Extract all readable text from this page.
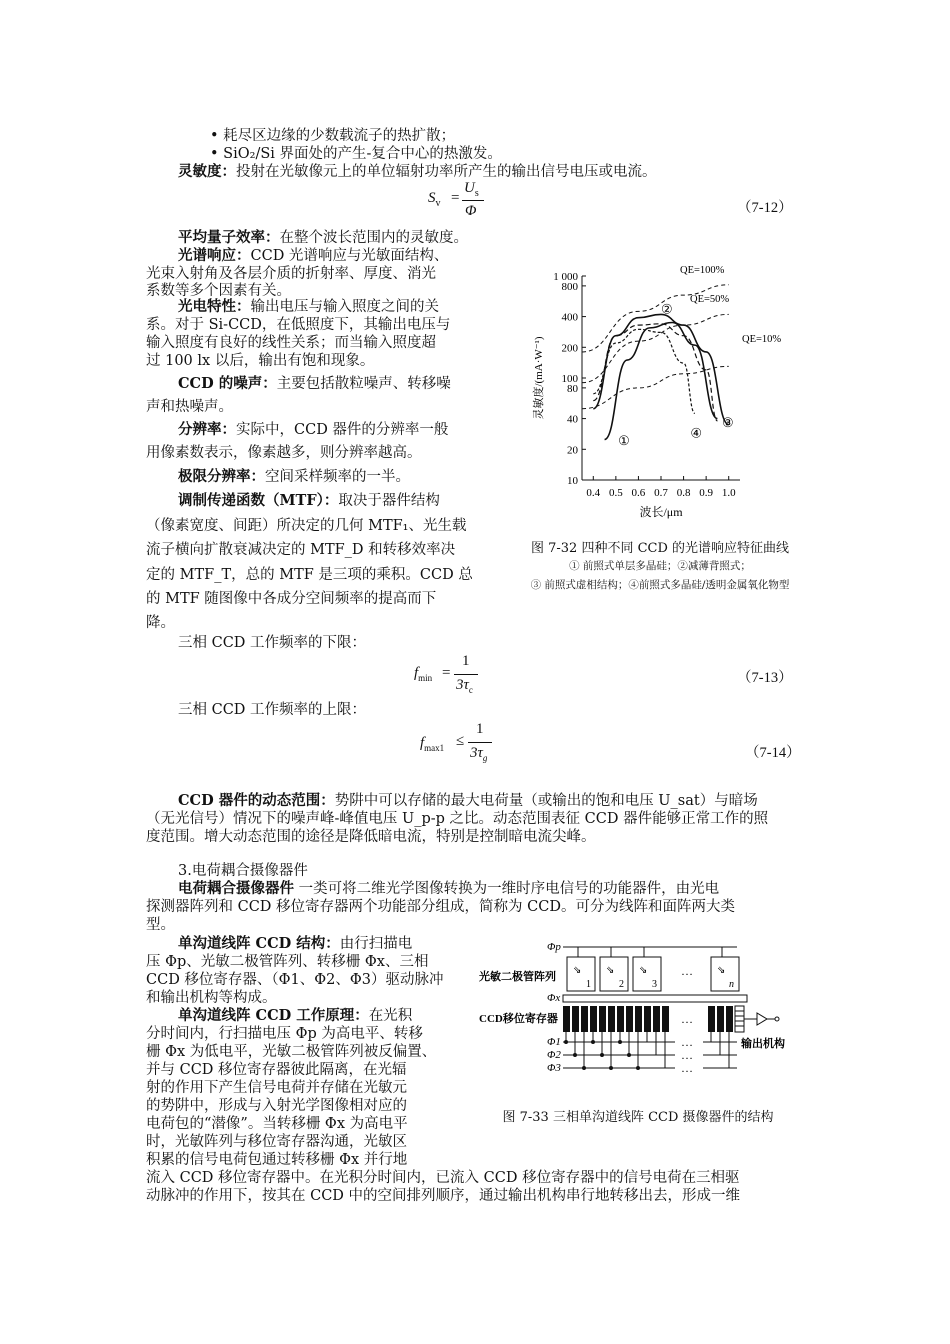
• 耗尽区边缘的少数载流子的热扩散；
• SiO₂/Si 界面处的产生-复合中心的热激发。
灵敏度：投射在光敏像元上的单位辐射功率所产生的输出信号电压或电流。
$S_v$ =
$U_s$
Φ	（7-12）
平均量子效率：在整个波长范围内的灵敏度。
光谱响应：CCD 光谱响应与光敏面结构、
光束入射角及各层介质的折射率、厚度、消光
系数等多个因素有关。
光电特性：输出电压与输入照度之间的关
系。对于 Si-CCD，在低照度下，其输出电压与
输入照度有良好的线性关系；而当输入照度超
过 100 lx 以后，输出有饱和现象。
CCD 的噪声：主要包括散粒噪声、转移噪
声和热噪声。
分辨率：实际中，CCD 器件的分辨率一般
用像素数表示，像素越多，则分辨率越高。
极限分辨率：空间采样频率的一半。
调制传递函数（MTF）：取决于器件结构
（像素宽度、间距）所决定的几何 MTF₁、光生载
流子横向扩散衰减决定的 MTF_D 和转移效率决
定的 MTF_T，总的 MTF 是三项的乘积。CCD 总
的 MTF 随图像中各成分空间频率的提高而下
降。
三相 CCD 工作频率的下限：
$f_{min}$ =
1
$3\tau_c$
（7-13）
三相 CCD 工作频率的上限：
$f_{max1}$ ≤
1
$3\tau_g$	（7-14）
CCD 器件的动态范围：势阱中可以存储的最大电荷量（或输出的饱和电压 U_sat）与暗场
（无光信号）情况下的噪声峰-峰值电压 U_p-p 之比。动态范围表征 CCD 器件能够正常工作的照
度范围。增大动态范围的途径是降低暗电流，特别是控制暗电流尖峰。
3.电荷耦合摄像器件
电荷耦合摄像器件 一类可将二维光学图像转换为一维时序电信号的功能器件，由光电
探测器阵列和 CCD 移位寄存器两个功能部分组成，简称为 CCD。可分为线阵和面阵两大类
型。
单沟道线阵 CCD 结构：由行扫描电
压 Φp、光敏二极管阵列、转移栅 Φx、三相
CCD 移位寄存器、（Φ1、Φ2、Φ3）驱动脉冲
和输出机构等构成。
单沟道线阵 CCD 工作原理：在光积
分时间内，行扫描电压 Φp 为高电平、转移
栅 Φx 为低电平，光敏二极管阵列被反偏置、
并与 CCD 移位寄存器彼此隔离，在光辐
射的作用下产生信号电荷并存储在光敏元
的势阱中，形成与入射光学图像相对应的
电荷包的“潜像”。当转移栅 Φx 为高电平
时，光敏阵列与移位寄存器沟通，光敏区
积累的信号电荷包通过转移栅 Φx 并行地
流入 CCD 移位寄存器中。在光积分时间内，已流入 CCD 移位寄存器中的信号电荷在三相驱
动脉冲的作用下，按其在 CCD 中的空间排列顺序，通过输出机构串行地转移出去，形成一维
1 000
800
400
200
100
80
40
20
10
0.4 0.5 0.6 0.7 0.8 0.9 1.0
波长/μm
灵敏度/(mA·W⁻¹)
QE=100%
QE=50%
QE=10%
①
②
③
④
图 7-32 四种不同 CCD 的光谱响应特征曲线
① 前照式单层多晶硅；②减薄背照式；
③ 前照式虚相结构；④前照式多晶硅/透明金属氧化物型
Φp
光敏二极管阵列
⇘ ⇘ ⇘	⇘
1	2	3	n
…
Φx
CCD移位寄存器	…
输出机构
Φ1
Φ2
Φ3
…
…
…
图 7-33 三相单沟道线阵 CCD 摄像器件的结构
